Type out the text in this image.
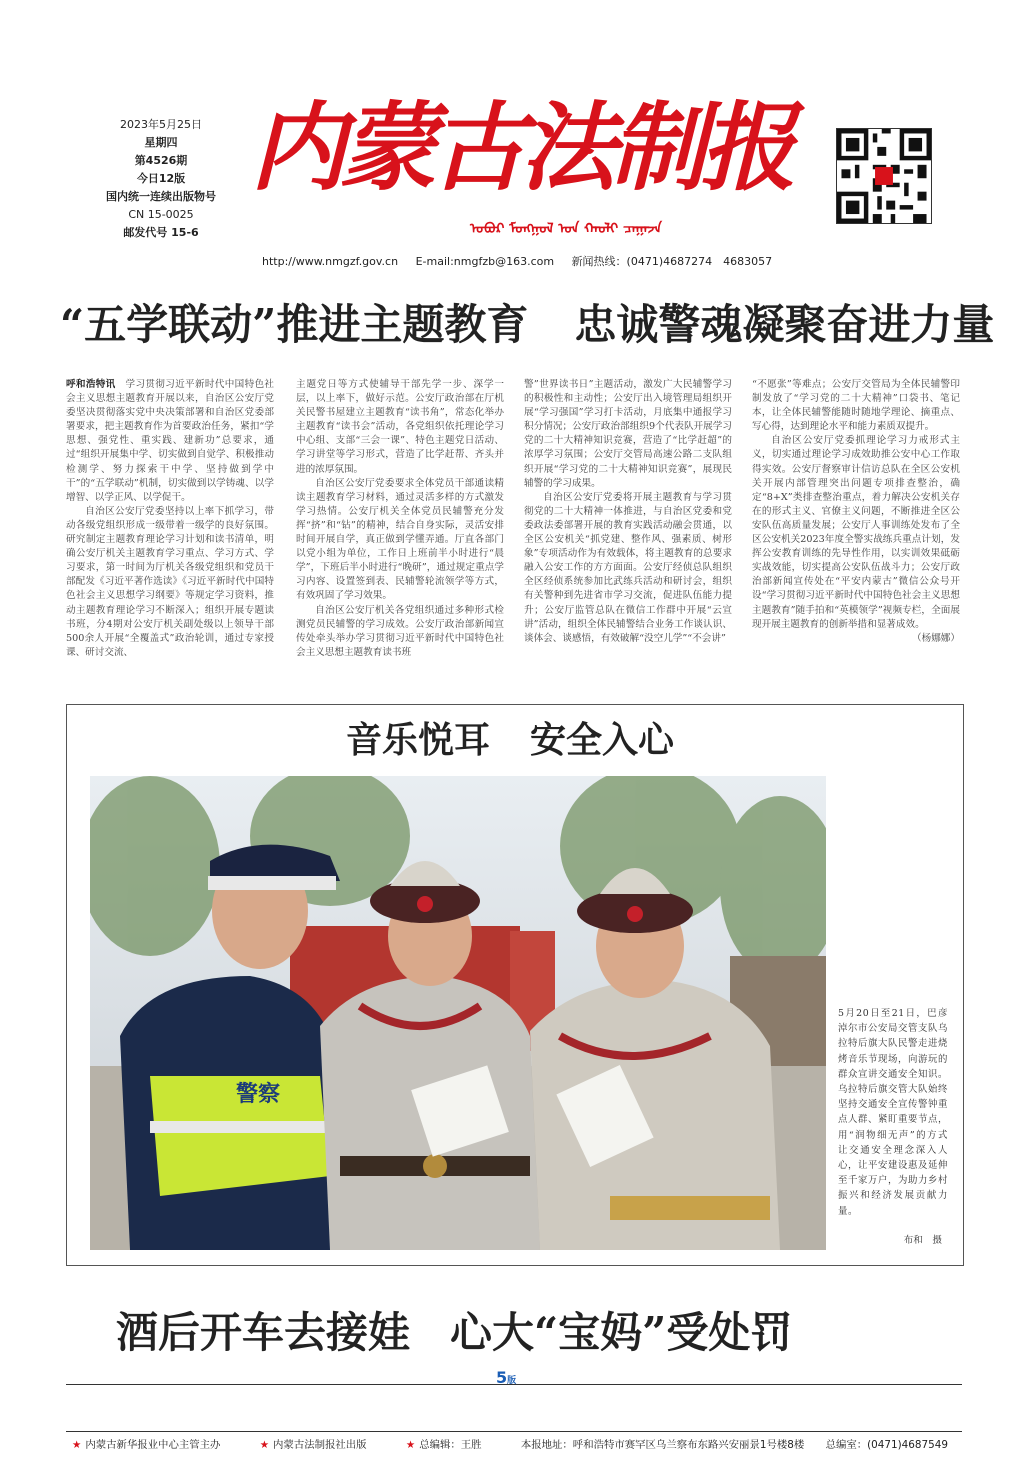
2023年5月25日
星期四
第4526期
今日12版
国内统一连续出版物号
CN 15-0025
邮发代号 15-6
内蒙古法制报
ᠤᠪᠤᠷ ᠮᠤᠩᠭᠤᠯ ᠤᠨ ᠬᠠᠤᠯᠢ ᠴᠠᠭᠠᠵᠠ
http://www.nmgzf.gov.cn E-mail:nmgfzb@163.com 新闻热线：(0471)4687274　4683057
“五学联动”推进主题教育 忠诚警魂凝聚奋进力量

呼和浩特讯　学习贯彻习近平新时代中国特色社会主义思想主题教育开展以来，自治区公安厅党委坚决贯彻落实党中央决策部署和自治区党委部署要求，把主题教育作为首要政治任务，紧扣“学思想、强党性、重实践、建新功”总要求，通过“组织开展集中学、切实做到自觉学、积极推动检测学、努力探索干中学、坚持做到学中干”的“五学联动”机制，切实做到以学铸魂、以学增智、以学正风、以学促干。

自治区公安厅党委坚持以上率下抓学习，带动各级党组织形成一级带着一级学的良好氛围。研究制定主题教育理论学习计划和读书清单，明确公安厅机关主题教育学习重点、学习方式、学习要求，第一时间为厅机关各级党组织和党员干部配发《习近平著作选读》《习近平新时代中国特色社会主义思想学习纲要》等规定学习资料，推动主题教育理论学习不断深入；组织开展专题读书班，分4期对公安厅机关副处级以上领导干部500余人开展“全覆盖式”政治轮训，通过专家授课、研讨交流、

主题党日等方式使辅导干部先学一步、深学一层，以上率下，做好示范。公安厅政治部在厅机关民警书屋建立主题教育“读书角”，常态化举办主题教育“读书会”活动，各党组织依托理论学习中心组、支部“三会一课”、特色主题党日活动、学习讲堂等学习形式，营造了比学赶帮、齐头并进的浓厚氛围。

自治区公安厅党委要求全体党员干部通读精读主题教育学习材料，通过灵活多样的方式激发学习热情。公安厅机关全体党员民辅警充分发挥“挤”和“钻”的精神，结合自身实际，灵活安排时间开展自学，真正做到学懂弄通。厅直各部门以党小组为单位，工作日上班前半小时进行“晨学”，下班后半小时进行“晚研”，通过规定重点学习内容、设置签到表、民辅警轮流领学等方式，有效巩固了学习效果。

自治区公安厅机关各党组织通过多种形式检测党员民辅警的学习成效。公安厅政治部新闻宣传处牵头举办学习贯彻习近平新时代中国特色社会主义思想主题教育读书班

警”世界读书日”主题活动，激发广大民辅警学习的积极性和主动性；公安厅出入境管理局组织开展“学习强国”学习打卡活动，月底集中通报学习积分情况；公安厅政治部组织9个代表队开展学习党的二十大精神知识竞赛，营造了“比学赶超”的浓厚学习氛围；公安厅交管局高速公路二支队组织开展“学习党的二十大精神知识竞赛”，展现民辅警的学习成果。

自治区公安厅党委将开展主题教育与学习贯彻党的二十大精神一体推进，与自治区党委和党委政法委部署开展的教育实践活动融会贯通，以全区公安机关“抓党建、整作风、强素质、树形象”专项活动作为有效载体，将主题教育的总要求融入公安工作的方方面面。公安厅经侦总队组织全区经侦系统参加比武练兵活动和研讨会，组织有关警种到先进省市学习交流，促进队伍能力提升；公安厅监管总队在微信工作群中开展“云宣讲”活动，组织全体民辅警结合业务工作谈认识、谈体会、谈感悟，有效破解“没空儿学”“不会讲”

“不愿张”等难点；公安厅交管局为全体民辅警印制发放了“学习党的二十大精神”口袋书、笔记本，让全体民辅警能随时随地学理论、摘重点、写心得，达到理论水平和能力素质双提升。

自治区公安厅党委抓理论学习力戒形式主义，切实通过理论学习成效助推公安中心工作取得实效。公安厅督察审计信访总队在全区公安机关开展内部管理突出问题专项排查整治，确定“8+X”类排查整治重点，着力解决公安机关存在的形式主义、官僚主义问题，不断推进全区公安队伍高质量发展；公安厅人事训练处发布了全区公安机关2023年度全警实战练兵重点计划，发挥公安教育训练的先导性作用，以实训效果砥砺实战效能，切实提高公安队伍战斗力；公安厅政治部新闻宣传处在“平安内蒙古”微信公众号开设“学习贯彻习近平新时代中国特色社会主义思想主题教育”随手拍和“英模领学”视频专栏，全面展现开展主题教育的创新举措和显著成效。

（杨娜娜）

音乐悦耳 安全入心
警察
5月20日至21日，巴彦淖尔市公安局交管支队乌拉特后旗大队民警走进烧烤音乐节现场，向游玩的群众宣讲交通安全知识。乌拉特后旗交管大队始终坚持交通安全宣传警钟重点人群、紧盯重要节点，用“润物细无声”的方式让交通安全理念深入人心，让平安建设惠及延伸至千家万户，为助力乡村振兴和经济发展贡献力量。
布和　摄
酒后开车去接娃 心大“宝妈”受处罚
5版
★ 内蒙古新华报业中心主管主办	★ 内蒙古法制报社出版	★ 总编辑：王胜	本报地址：呼和浩特市赛罕区乌兰察布东路兴安丽景1号楼8楼 总编室：(0471)4687549
